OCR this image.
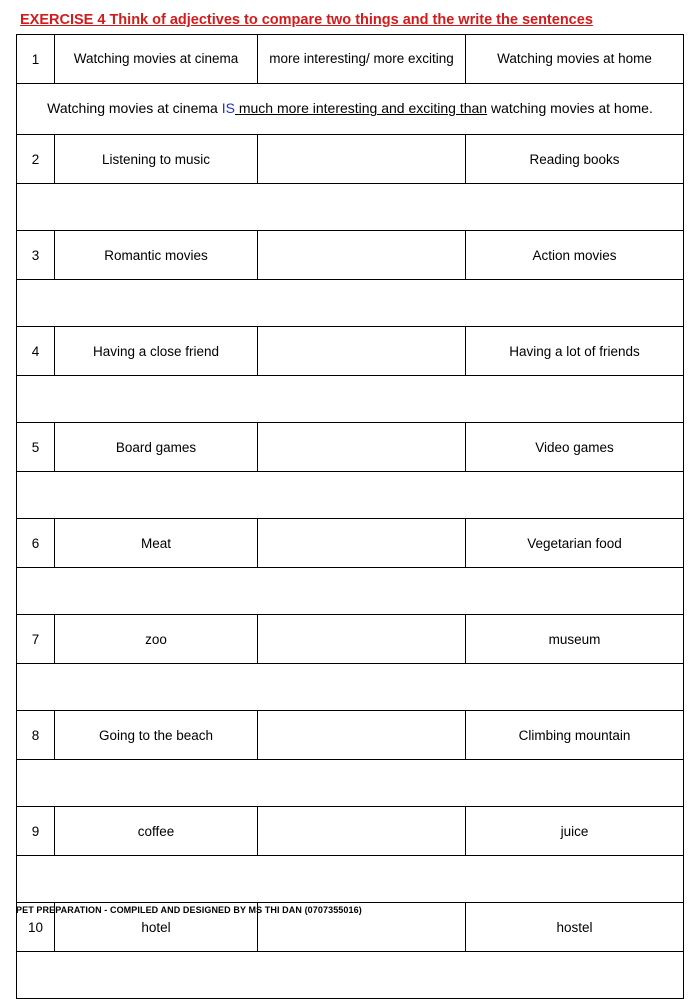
EXERCISE 4 Think of adjectives to compare two things and the write the sentences
1	Watching movies at cinema	more interesting/ more exciting	Watching movies at home
Watching movies at cinema IS much more interesting and exciting than watching movies at home.			
2	Listening to music		Reading books

3	Romantic movies		Action movies

4	Having a close friend		Having a lot of friends

5	Board games		Video games

6	Meat		Vegetarian food

7	zoo		museum

8	Going to the beach		Climbing mountain

9	coffee		juice

10	hotel		hostel

PET PREPARATION - COMPILED AND DESIGNED BY MS THI DAN (0707355016)
